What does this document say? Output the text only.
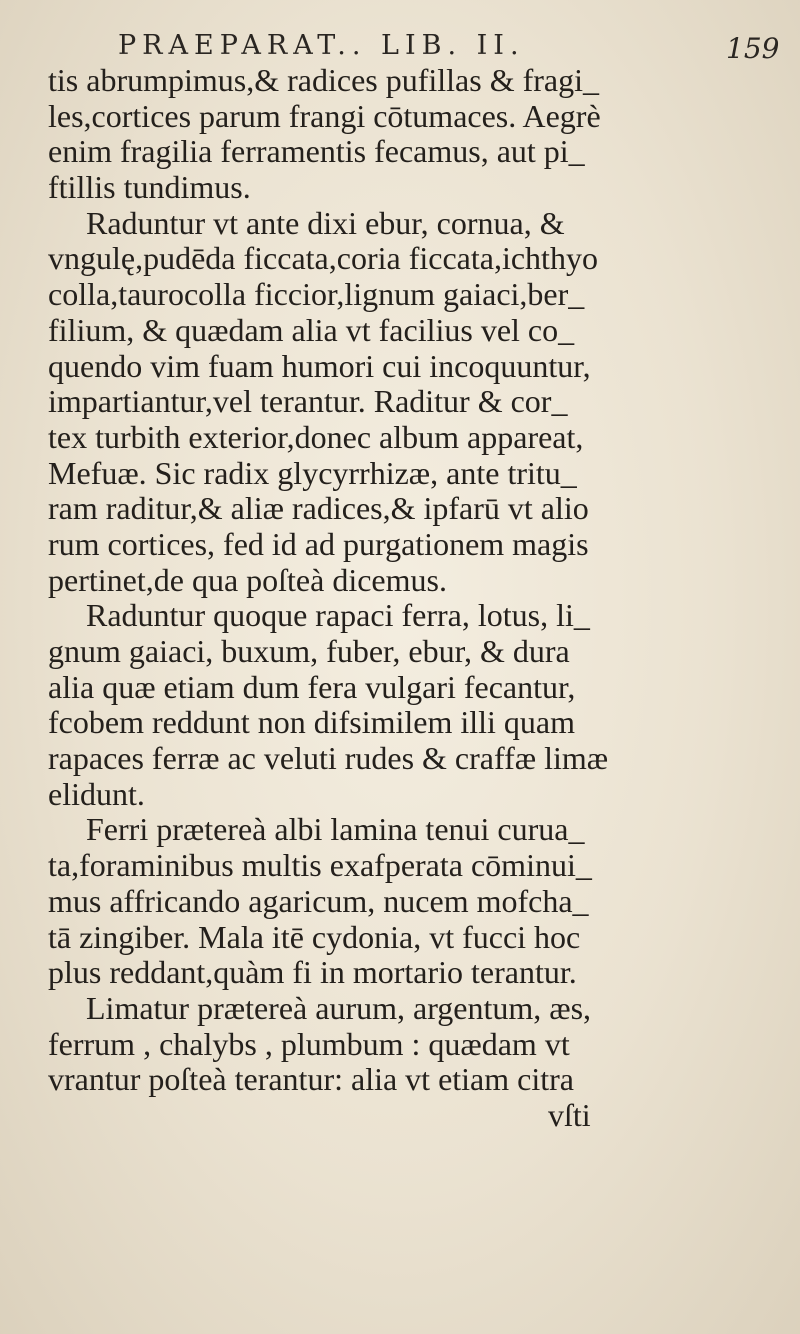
PRAEPARAT.. LIB. II.	159
tis abrumpimus,& radices pufillas & fragi_
les,cortices parum frangi cōtumaces. Aegrè
enim fragilia ferramentis fecamus, aut pi_
ftillis tundimus.
Raduntur vt ante dixi ebur, cornua, &
vngulę,pudēda ficcata,coria ficcata,ichthyo
colla,taurocolla ficcior,lignum gaiaci,ber_
filium, & quædam alia vt facilius vel co_
quendo vim fuam humori cui incoquuntur,
impartiantur,vel terantur. Raditur & cor_
tex turbith exterior,donec album appareat,
Mefuæ. Sic radix glycyrrhizæ, ante tritu_
ram raditur,& aliæ radices,& ipfarū vt alio
rum cortices, fed id ad purgationem magis
pertinet,de qua poſteà dicemus.
Raduntur quoque rapaci ferra, lotus, li_
gnum gaiaci, buxum, fuber, ebur, & dura
alia quæ etiam dum fera vulgari fecantur,
fcobem reddunt non difsimilem illi quam
rapaces ferræ ac veluti rudes & craffæ limæ
elidunt.
Ferri prætereà albi lamina tenui curua_
ta,foraminibus multis exafperata cōminui_
mus affricando agaricum, nucem mofcha_
tā zingiber. Mala itē cydonia, vt fucci hoc
plus reddant,quàm fi in mortario terantur.
Limatur prætereà aurum, argentum, æs,
ferrum , chalybs , plumbum : quædam vt
vrantur poſteà terantur: alia vt etiam citra
vſti
